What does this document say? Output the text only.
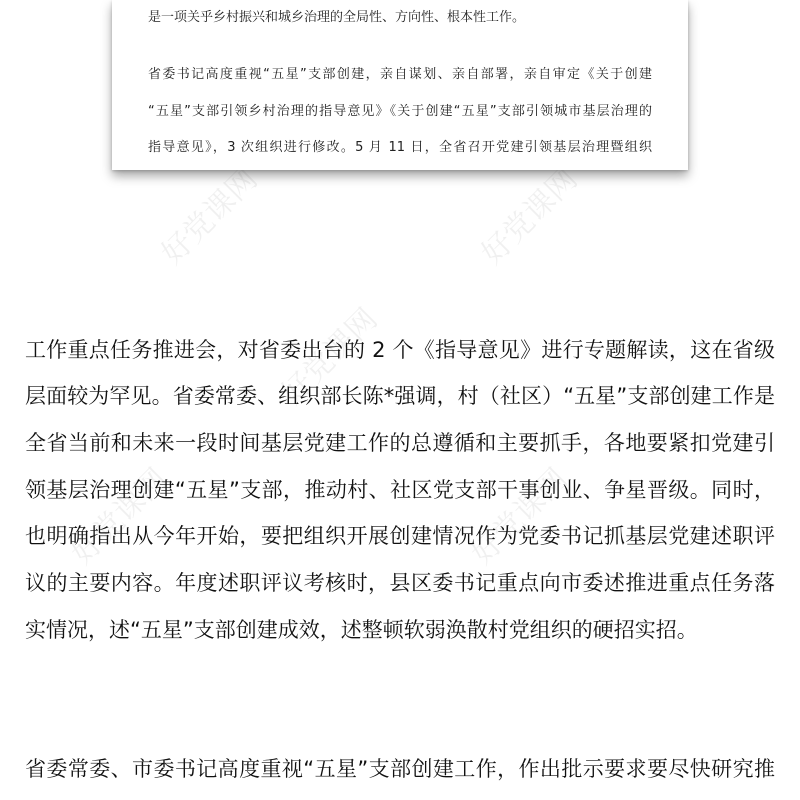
好党课网	好党课网
好党课网
好党课网	好党课网
是一项关乎乡村振兴和城乡治理的全局性、方向性、根本性工作。
省委书记高度重视“五星”支部创建，亲自谋划、亲自部署，亲自审定《关于创建
“五星”支部引领乡村治理的指导意见》《关于创建“五星”支部引领城市基层治理的
指导意见》，3 次组织进行修改。5 月 11 日，全省召开党建引领基层治理暨组织
工作重点任务推进会，对省委出台的 2 个《指导意见》进行专题解读，这在省级
层面较为罕见。省委常委、组织部长陈*强调，村（社区）“五星”支部创建工作是
全省当前和未来一段时间基层党建工作的总遵循和主要抓手，各地要紧扣党建引
领基层治理创建“五星”支部，推动村、社区党支部干事创业、争星晋级。同时，
也明确指出从今年开始，要把组织开展创建情况作为党委书记抓基层党建述职评
议的主要内容。年度述职评议考核时，县区委书记重点向市委述推进重点任务落
实情况，述“五星”支部创建成效，述整顿软弱涣散村党组织的硬招实招。
省委常委、市委书记高度重视“五星”支部创建工作，作出批示要求要尽快研究推
